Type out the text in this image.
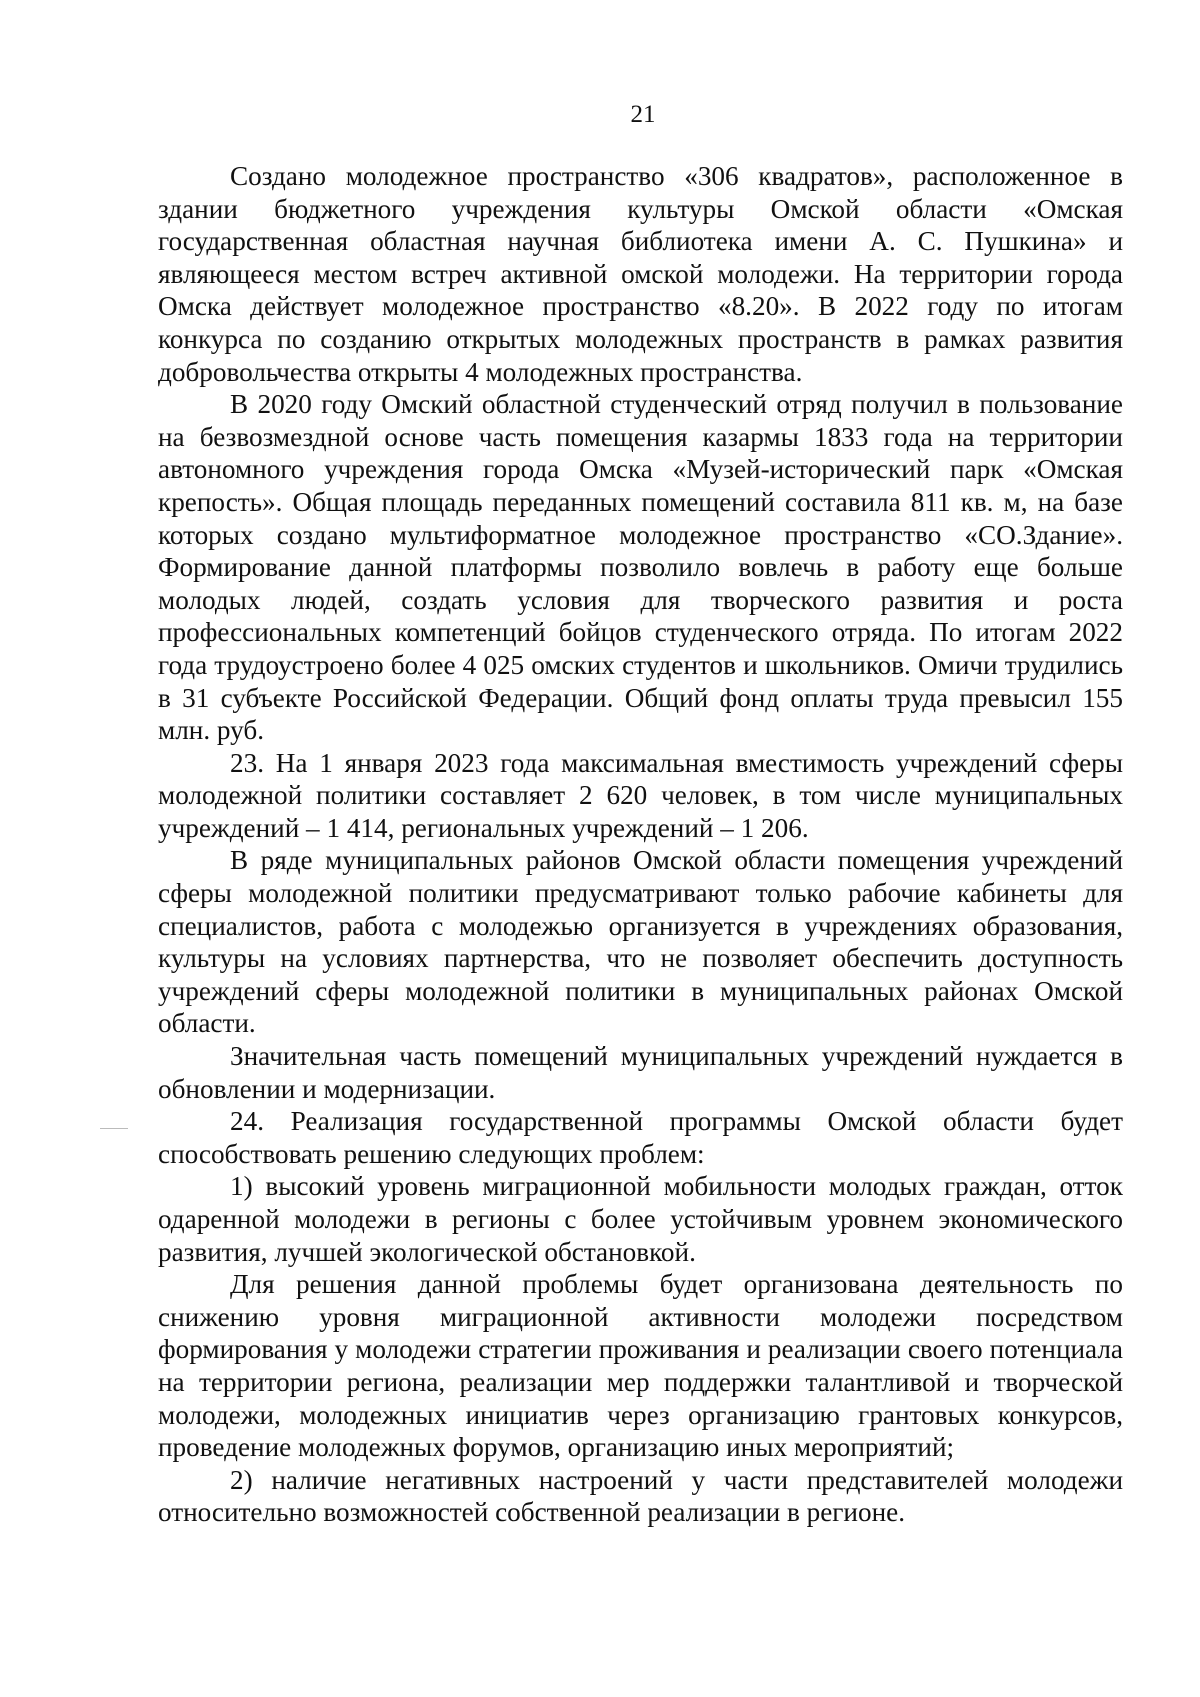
21

Создано молодежное пространство «306 квадратов», расположенное в здании бюджетного учреждения культуры Омской области «Омская государственная областная научная библиотека имени А. С. Пушкина» и являющееся местом встреч активной омской молодежи. На территории города Омска действует молодежное пространство «8.20». В 2022 году по итогам конкурса по созданию открытых молодежных пространств в рамках развития добровольчества открыты 4 молодежных пространства.

В 2020 году Омский областной студенческий отряд получил в пользование на безвозмездной основе часть помещения казармы 1833 года на территории автономного учреждения города Омска «Музей-исторический парк «Омская крепость». Общая площадь переданных помещений составила 811 кв. м, на базе которых создано мультиформатное молодежное пространство «СО.Здание». Формирование данной платформы позволило вовлечь в работу еще больше молодых людей, создать условия для творческого развития и роста профессиональных компетенций бойцов студенческого отряда. По итогам 2022 года трудоустроено более 4 025 омских студентов и школьников. Омичи трудились в 31 субъекте Российской Федерации. Общий фонд оплаты труда превысил 155 млн. руб.

23. На 1 января 2023 года максимальная вместимость учреждений сферы молодежной политики составляет 2 620 человек, в том числе муниципальных учреждений – 1 414, региональных учреждений – 1 206.

В ряде муниципальных районов Омской области помещения учреждений сферы молодежной политики предусматривают только рабочие кабинеты для специалистов, работа с молодежью организуется в учреждениях образования, культуры на условиях партнерства, что не позволяет обеспечить доступность учреждений сферы молодежной политики в муниципальных районах Омской области.

Значительная часть помещений муниципальных учреждений нуждается в обновлении и модернизации.

24. Реализация государственной программы Омской области будет способствовать решению следующих проблем:

1) высокий уровень миграционной мобильности молодых граждан, отток одаренной молодежи в регионы с более устойчивым уровнем экономического развития, лучшей экологической обстановкой.

Для решения данной проблемы будет организована деятельность по снижению уровня миграционной активности молодежи посредством формирования у молодежи стратегии проживания и реализации своего потенциала на территории региона, реализации мер поддержки талантливой и творческой молодежи, молодежных инициатив через организацию грантовых конкурсов, проведение молодежных форумов, организацию иных мероприятий;

2) наличие негативных настроений у части представителей молодежи относительно возможностей собственной реализации в регионе.
